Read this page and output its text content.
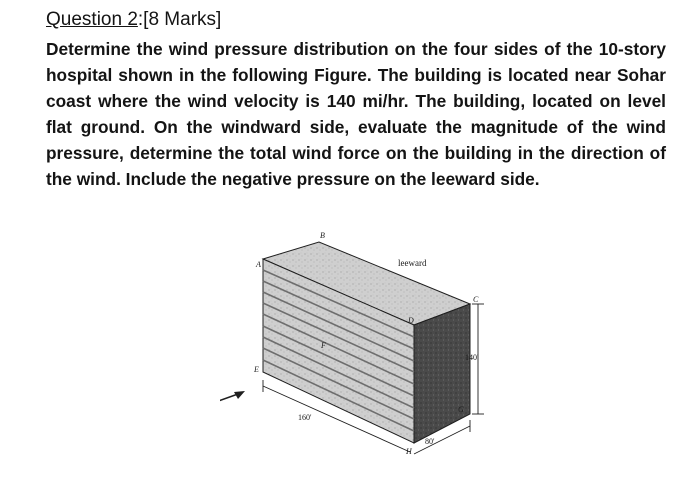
Question 2:[8 Marks]
Determine the wind pressure distribution on the four sides of the 10-story hospital shown in the following Figure. The building is located near Sohar coast where the wind velocity is 140 mi/hr. The building, located on level flat ground. On the windward side, evaluate the magnitude of the wind pressure, determine the total wind force on the building in the direction of the wind. Include the negative pressure on the leeward side.
A
B
C
D
E
F
G
H
leeward
140'
160'
80'
